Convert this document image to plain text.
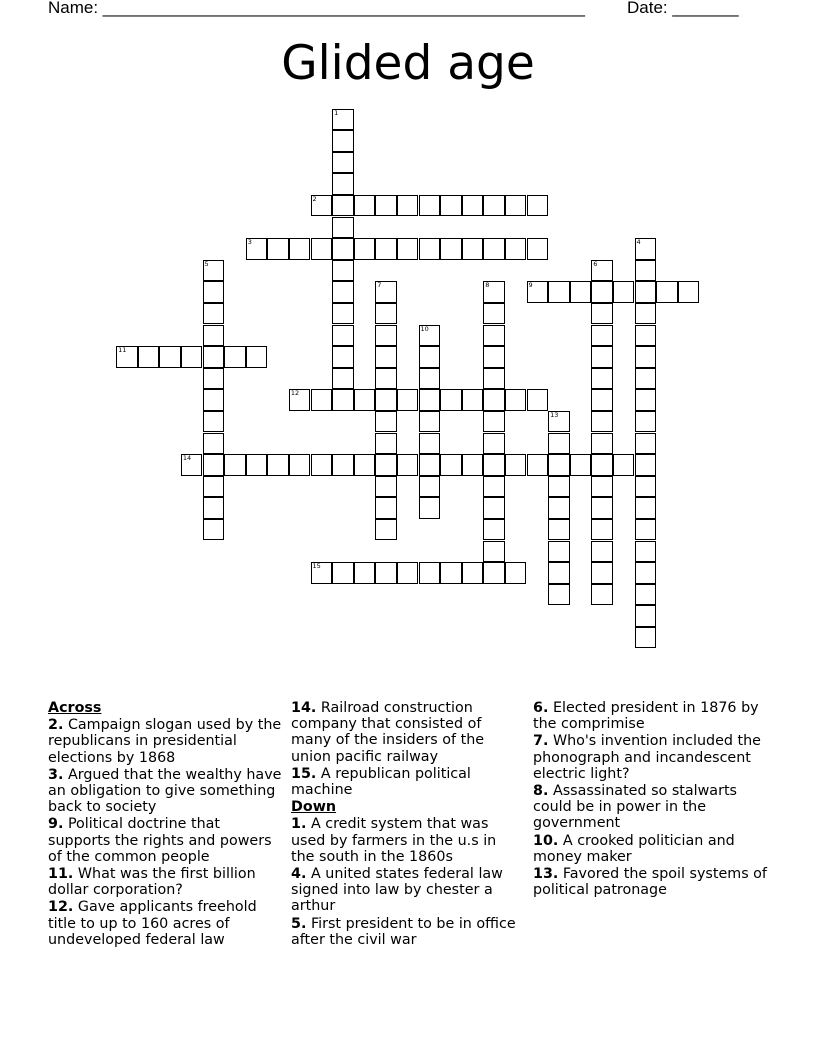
Name: ___________________________________________________ Date: _______
Glided age
1
2
3	4
5	6
7	8	9
10
11
12
13
14
15
Across
2. Campaign slogan used by the republicans in presidential elections by 1868
3. Argued that the wealthy have an obligation to give something back to society
9. Political doctrine that supports the rights and powers of the common people
11. What was the first billion dollar corporation?
12. Gave applicants freehold title to up to 160 acres of undeveloped federal law
14. Railroad construction company that consisted of many of the insiders of the union pacific railway
15. A republican political machine
Down
1. A credit system that was used by farmers in the u.s in the south in the 1860s
4. A united states federal law signed into law by chester a arthur
5. First president to be in office after the civil war
6. Elected president in 1876 by the comprimise
7. Who's invention included the phonograph and incandescent electric light?
8. Assassinated so stalwarts could be in power in the government
10. A crooked politician and money maker
13. Favored the spoil systems of political patronage
